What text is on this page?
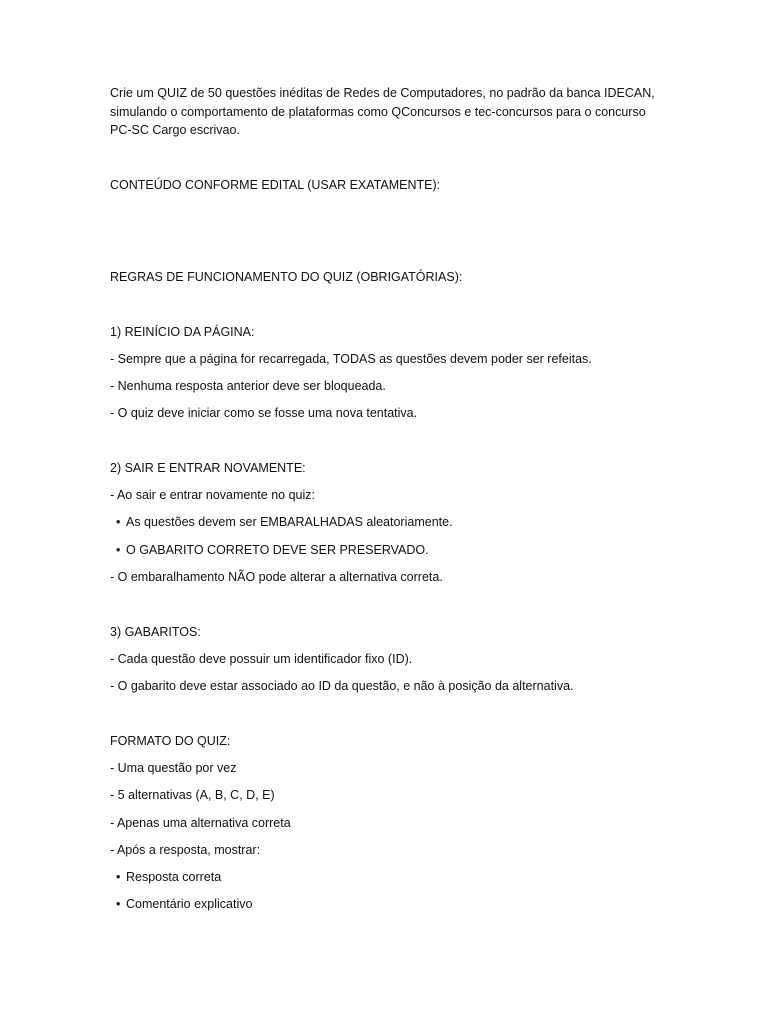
Crie um QUIZ de 50 questões inéditas de Redes de Computadores, no padrão da banca IDECAN, simulando o comportamento de plataformas como QConcursos e tec-concursos para o concurso PC-SC Cargo escrivao.

CONTEÚDO CONFORME EDITAL (USAR EXATAMENTE):

REGRAS DE FUNCIONAMENTO DO QUIZ (OBRIGATÓRIAS):

1) REINÍCIO DA PÁGINA:

- Sempre que a página for recarregada, TODAS as questões devem poder ser refeitas.

- Nenhuma resposta anterior deve ser bloqueada.

- O quiz deve iniciar como se fosse uma nova tentativa.

2) SAIR E ENTRAR NOVAMENTE:

- Ao sair e entrar novamente no quiz:

• As questões devem ser EMBARALHADAS aleatoriamente.

• O GABARITO CORRETO DEVE SER PRESERVADO.

- O embaralhamento NÃO pode alterar a alternativa correta.

3) GABARITOS:

- Cada questão deve possuir um identificador fixo (ID).

- O gabarito deve estar associado ao ID da questão, e não à posição da alternativa.

FORMATO DO QUIZ:

- Uma questão por vez

- 5 alternativas (A, B, C, D, E)

- Apenas uma alternativa correta

- Após a resposta, mostrar:

• Resposta correta

• Comentário explicativo
